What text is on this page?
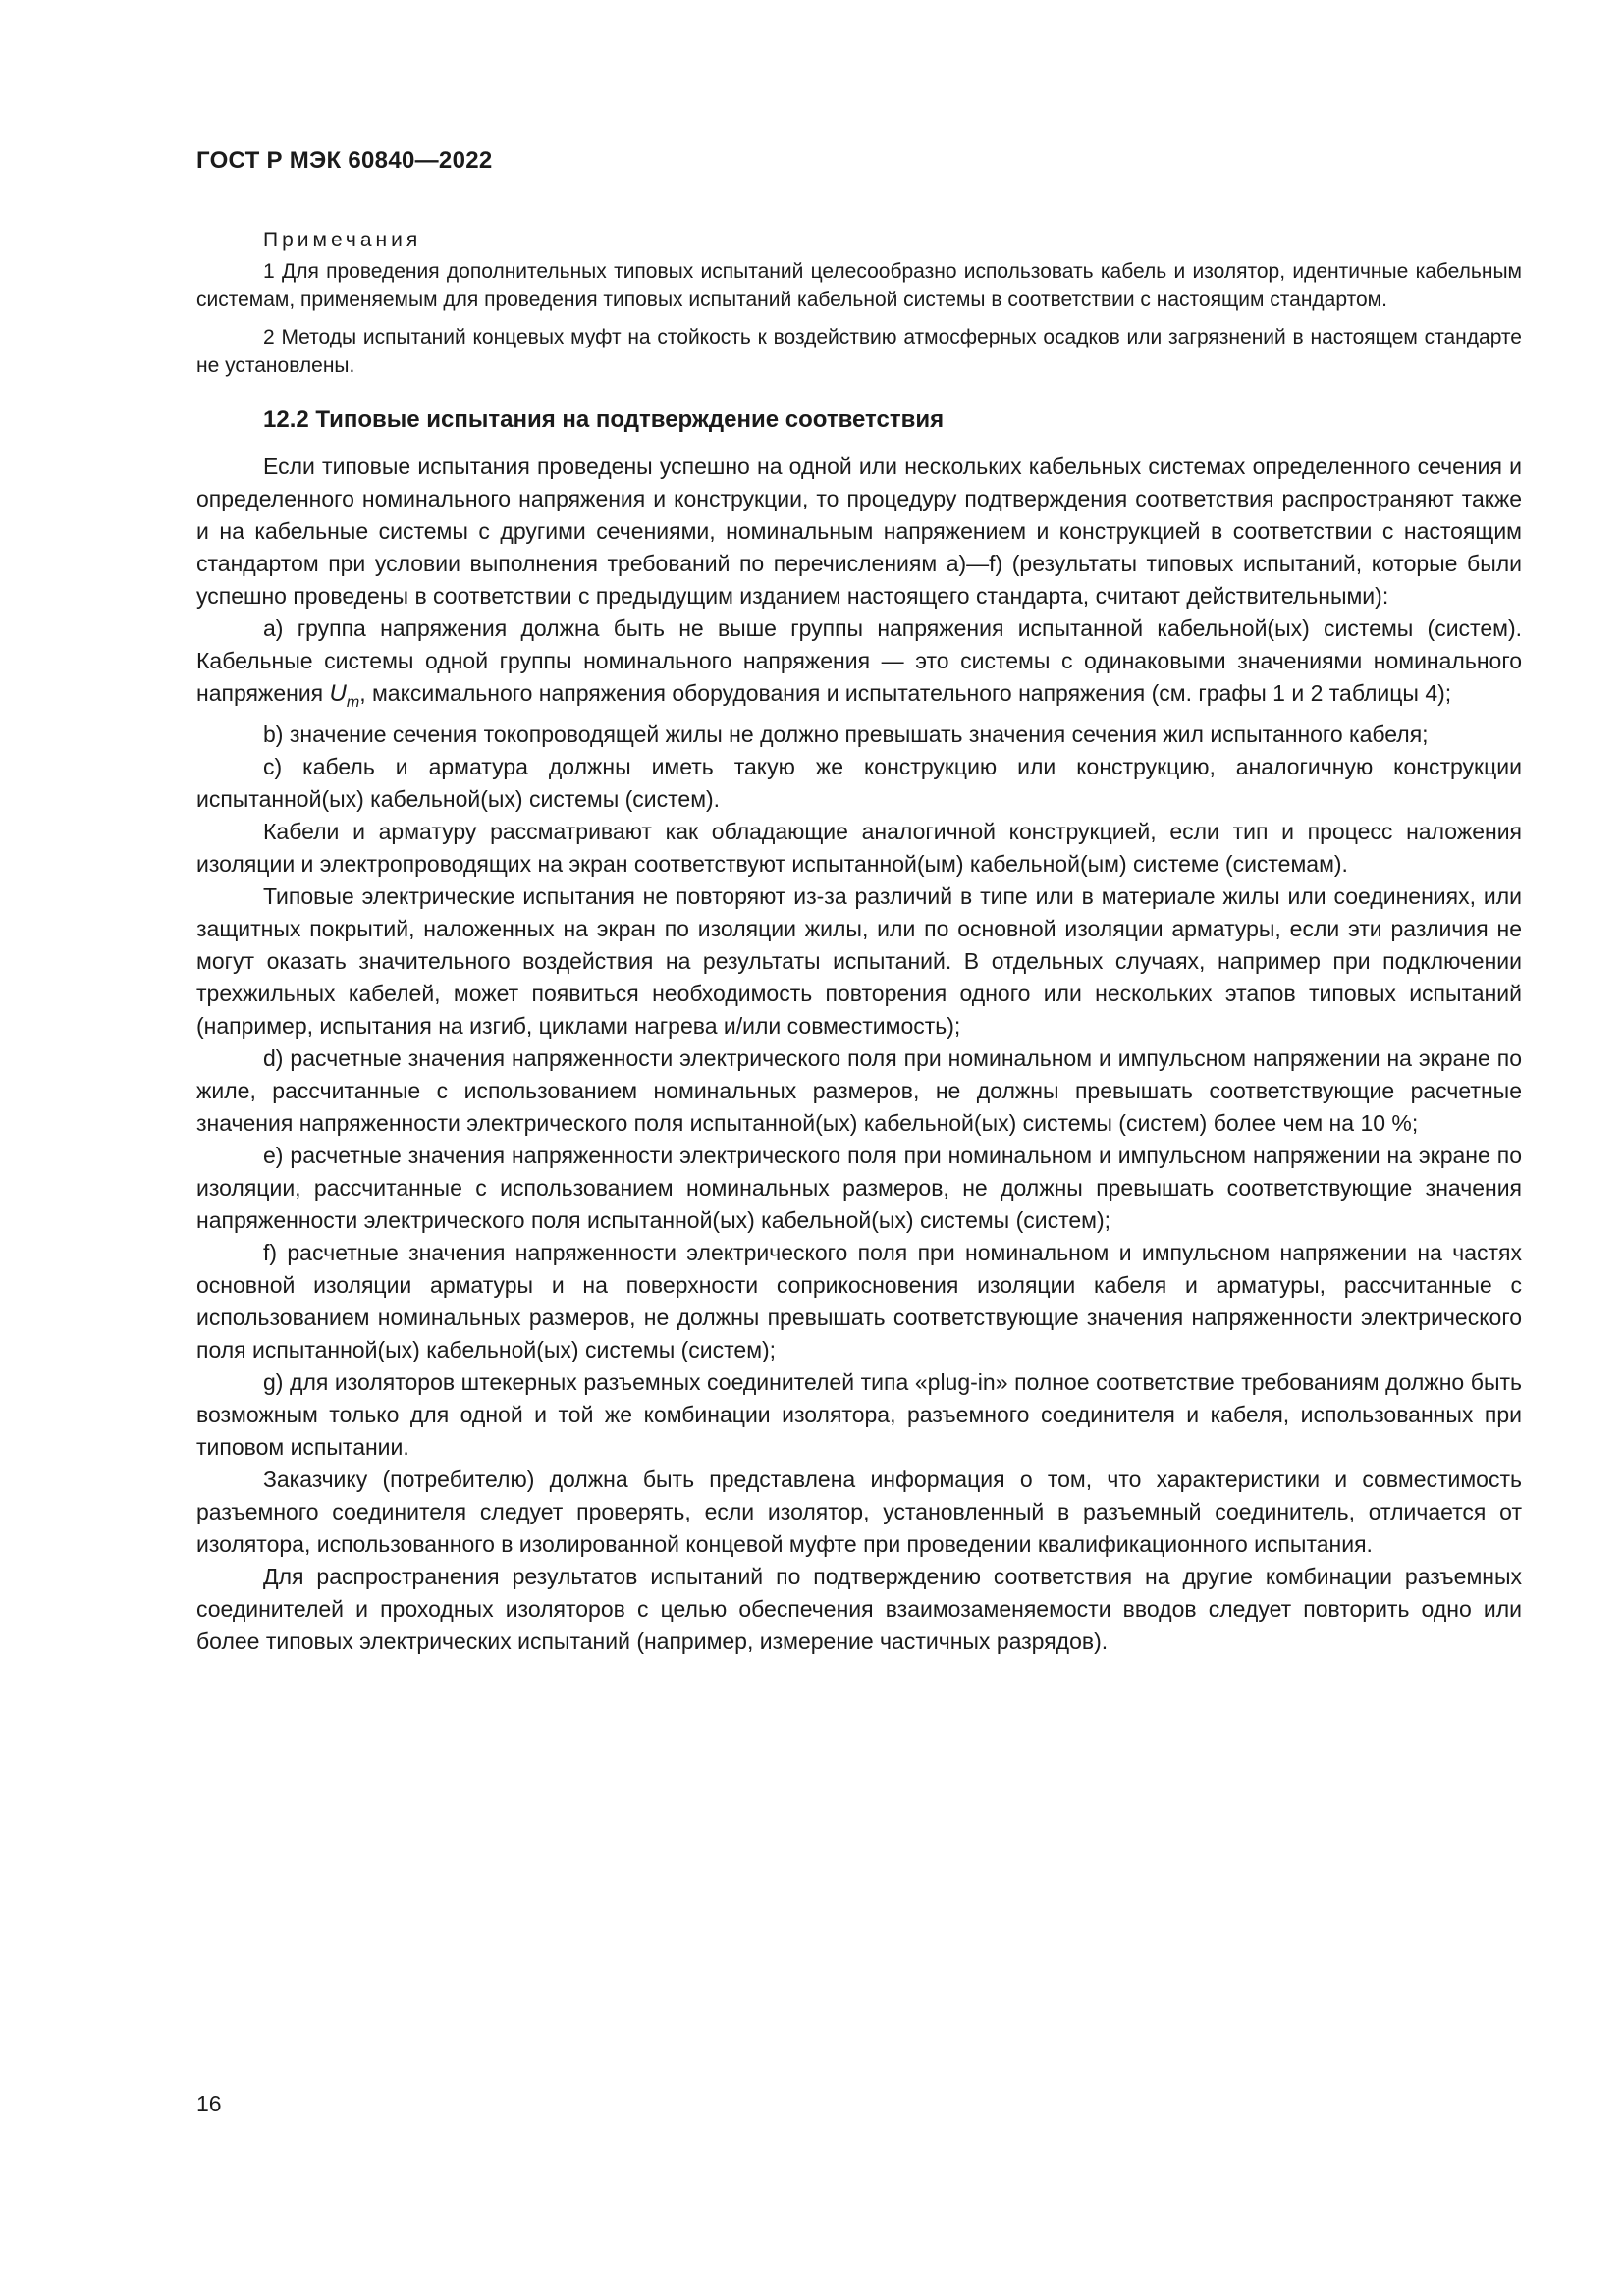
ГОСТ Р МЭК 60840—2022
Примечания

1 Для проведения дополнительных типовых испытаний целесообразно использовать кабель и изолятор, идентичные кабельным системам, применяемым для проведения типовых испытаний кабельной системы в соответствии с настоящим стандартом.

2 Методы испытаний концевых муфт на стойкость к воздействию атмосферных осадков или загрязнений в настоящем стандарте не установлены.

12.2 Типовые испытания на подтверждение соответствия

Если типовые испытания проведены успешно на одной или нескольких кабельных системах определенного сечения и определенного номинального напряжения и конструкции, то процедуру подтверждения соответствия распространяют также и на кабельные системы с другими сечениями, номинальным напряжением и конструкцией в соответствии с настоящим стандартом при условии выполнения требований по перечислениям a)—f) (результаты типовых испытаний, которые были успешно проведены в соответствии с предыдущим изданием настоящего стандарта, считают действительными):

a) группа напряжения должна быть не выше группы напряжения испытанной кабельной(ых) системы (систем). Кабельные системы одной группы номинального напряжения — это системы с одинаковыми значениями номинального напряжения $U_m$, максимального напряжения оборудования и испытательного напряжения (см. графы 1 и 2 таблицы 4);

b) значение сечения токопроводящей жилы не должно превышать значения сечения жил испытанного кабеля;

c) кабель и арматура должны иметь такую же конструкцию или конструкцию, аналогичную конструкции испытанной(ых) кабельной(ых) системы (систем).

Кабели и арматуру рассматривают как обладающие аналогичной конструкцией, если тип и процесс наложения изоляции и электропроводящих на экран соответствуют испытанной(ым) кабельной(ым) системе (системам).

Типовые электрические испытания не повторяют из-за различий в типе или в материале жилы или соединениях, или защитных покрытий, наложенных на экран по изоляции жилы, или по основной изоляции арматуры, если эти различия не могут оказать значительного воздействия на результаты испытаний. В отдельных случаях, например при подключении трехжильных кабелей, может появиться необходимость повторения одного или нескольких этапов типовых испытаний (например, испытания на изгиб, циклами нагрева и/или совместимость);

d) расчетные значения напряженности электрического поля при номинальном и импульсном напряжении на экране по жиле, рассчитанные с использованием номинальных размеров, не должны превышать соответствующие расчетные значения напряженности электрического поля испытанной(ых) кабельной(ых) системы (систем) более чем на 10 %;

e) расчетные значения напряженности электрического поля при номинальном и импульсном напряжении на экране по изоляции, рассчитанные с использованием номинальных размеров, не должны превышать соответствующие значения напряженности электрического поля испытанной(ых) кабельной(ых) системы (систем);

f) расчетные значения напряженности электрического поля при номинальном и импульсном напряжении на частях основной изоляции арматуры и на поверхности соприкосновения изоляции кабеля и арматуры, рассчитанные с использованием номинальных размеров, не должны превышать соответствующие значения напряженности электрического поля испытанной(ых) кабельной(ых) системы (систем);

g) для изоляторов штекерных разъемных соединителей типа «plug-in» полное соответствие требованиям должно быть возможным только для одной и той же комбинации изолятора, разъемного соединителя и кабеля, использованных при типовом испытании.

Заказчику (потребителю) должна быть представлена информация о том, что характеристики и совместимость разъемного соединителя следует проверять, если изолятор, установленный в разъемный соединитель, отличается от изолятора, использованного в изолированной концевой муфте при проведении квалификационного испытания.

Для распространения результатов испытаний по подтверждению соответствия на другие комбинации разъемных соединителей и проходных изоляторов с целью обеспечения взаимозаменяемости вводов следует повторить одно или более типовых электрических испытаний (например, измерение частичных разрядов).

16
